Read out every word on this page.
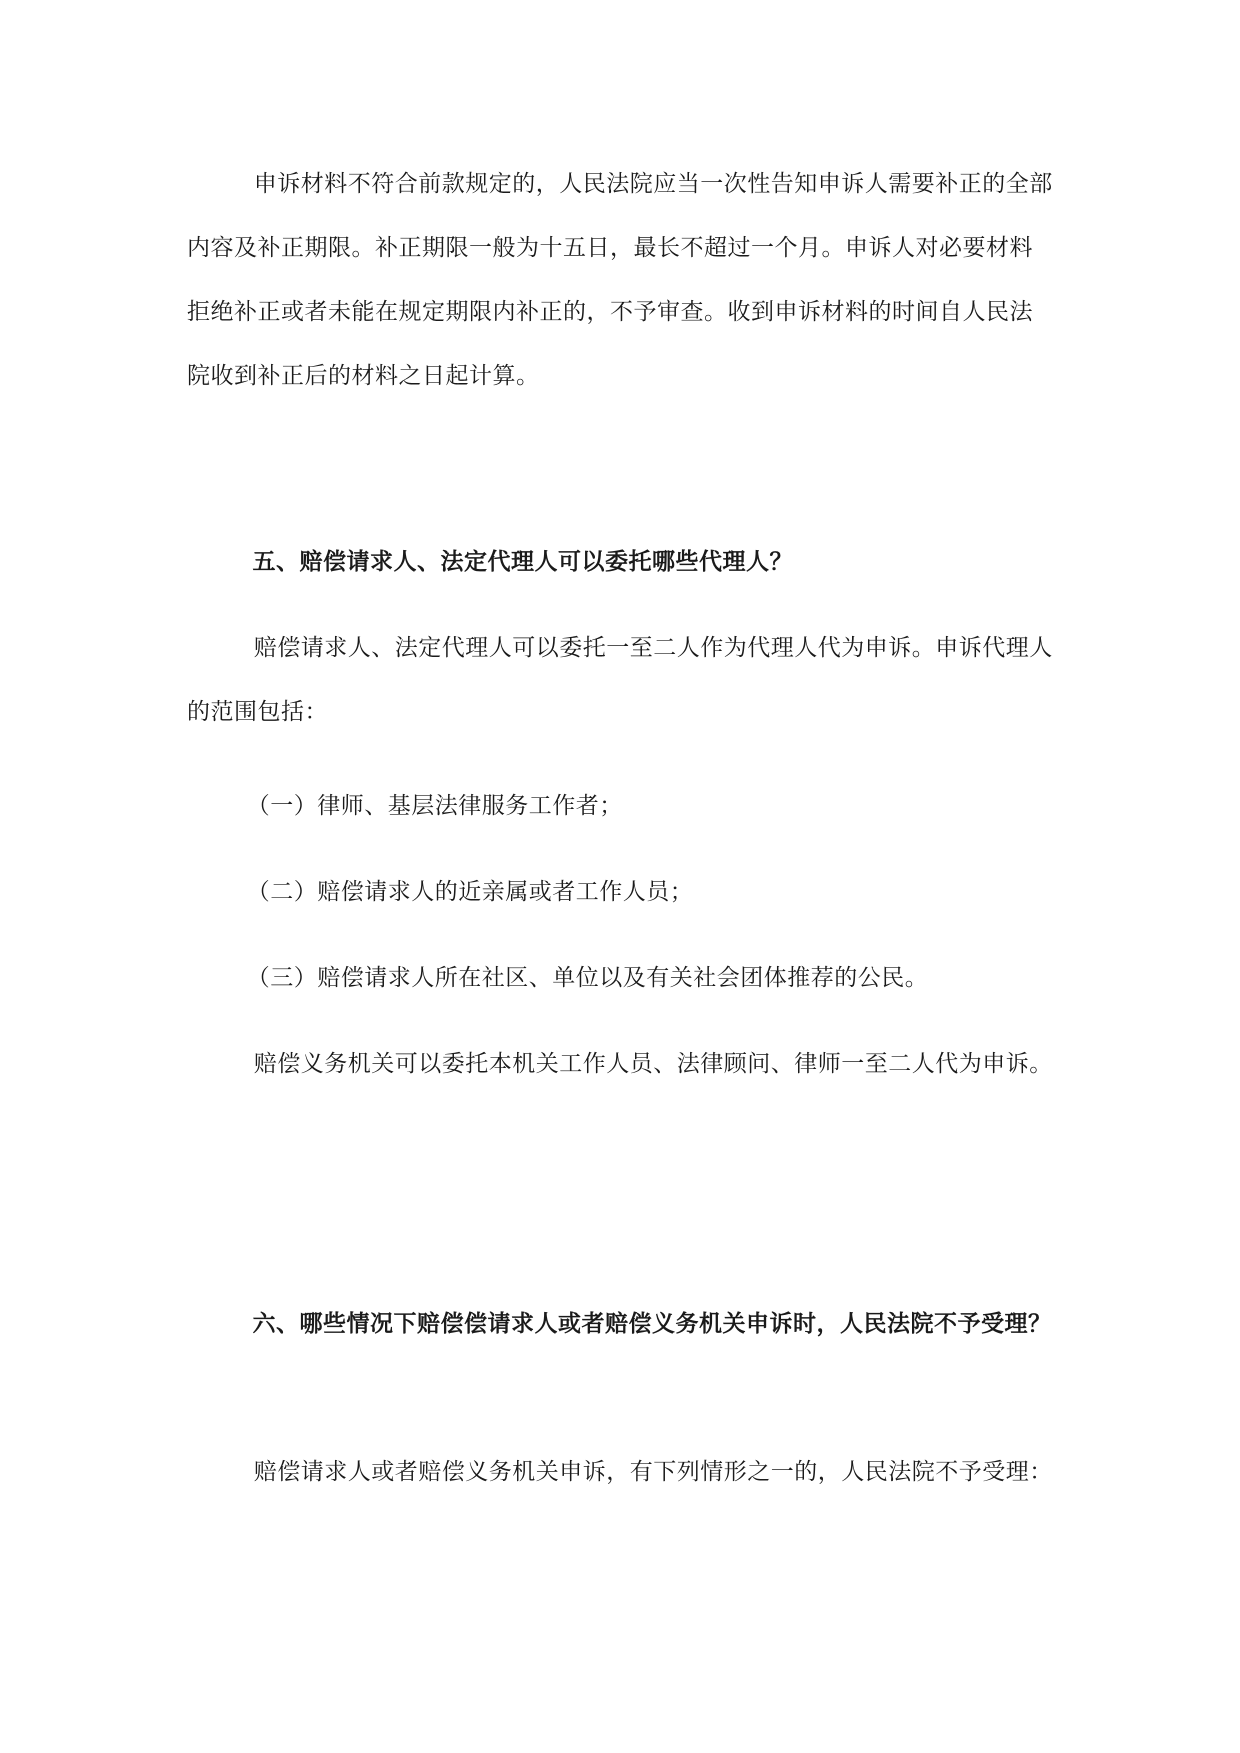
申诉材料不符合前款规定的，人民法院应当一次性告知申诉人需要补正的全部内容及补正期限。补正期限一般为十五日，最长不超过一个月。申诉人对必要材料拒绝补正或者未能在规定期限内补正的，不予审查。收到申诉材料的时间自人民法院收到补正后的材料之日起计算。

五、赔偿请求人、法定代理人可以委托哪些代理人？

赔偿请求人、法定代理人可以委托一至二人作为代理人代为申诉。申诉代理人的范围包括：

（一）律师、基层法律服务工作者；

（二）赔偿请求人的近亲属或者工作人员；

（三）赔偿请求人所在社区、单位以及有关社会团体推荐的公民。

赔偿义务机关可以委托本机关工作人员、法律顾问、律师一至二人代为申诉。

六、哪些情况下赔偿偿请求人或者赔偿义务机关申诉时，人民法院不予受理？

赔偿请求人或者赔偿义务机关申诉，有下列情形之一的，人民法院不予受理：
